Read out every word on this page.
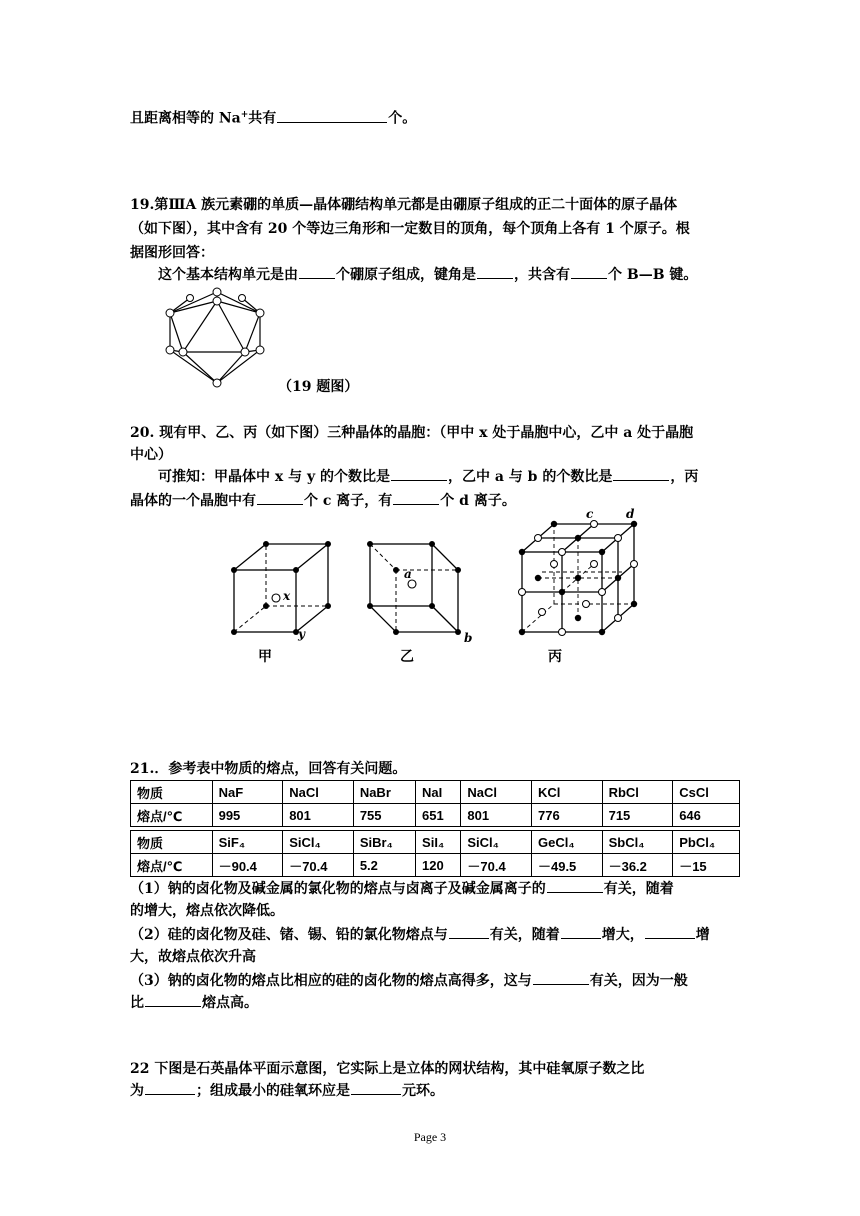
且距离相等的 Na+共有	个。
19.第ⅢA 族元素硼的单质—晶体硼结构单元都是由硼原子组成的正二十面体的原子晶体
（如下图），其中含有 20 个等边三角形和一定数目的顶角，每个顶角上各有 1 个原子。根
据图形回答：
这个基本结构单元是由	个硼原子组成，键角是	，共含有	个 B—B 键。
（19 题图）
20. 现有甲、乙、丙（如下图）三种晶体的晶胞：（甲中 x 处于晶胞中心，乙中 a 处于晶胞
中心）
可推知：甲晶体中 x 与 y 的个数比是	，乙中 a 与 b 的个数比是	，丙
晶体的一个晶胞中有	个 c 离子，有	个 d 离子。
x
y
甲
a
b
乙
c	d
丙
21.．参考表中物质的熔点，回答有关问题。
物质	NaF	NaCl	NaBr	NaI	NaCl	KCl	RbCl	CsCl
熔点/℃	995	801	755	651	801	776	715	646

物质	SiF₄	SiCl₄	SiBr₄	SiI₄	SiCl₄	GeCl₄	SbCl₄	PbCl₄
熔点/℃	－90.4	－70.4	5.2	120	－70.4	－49.5	－36.2	－15
（1）钠的卤化物及碱金属的氯化物的熔点与卤离子及碱金属离子的	有关，随着
的增大，熔点依次降低。
（2）硅的卤化物及硅、锗、锡、铅的氯化物熔点与	有关，随着	增大，	增
大，故熔点依次升高
（3）钠的卤化物的熔点比相应的硅的卤化物的熔点高得多，这与	有关，因为一般
比	熔点高。
22 下图是石英晶体平面示意图，它实际上是立体的网状结构，其中硅氧原子数之比
为	；组成最小的硅氧环应是	元环。
Page 3
